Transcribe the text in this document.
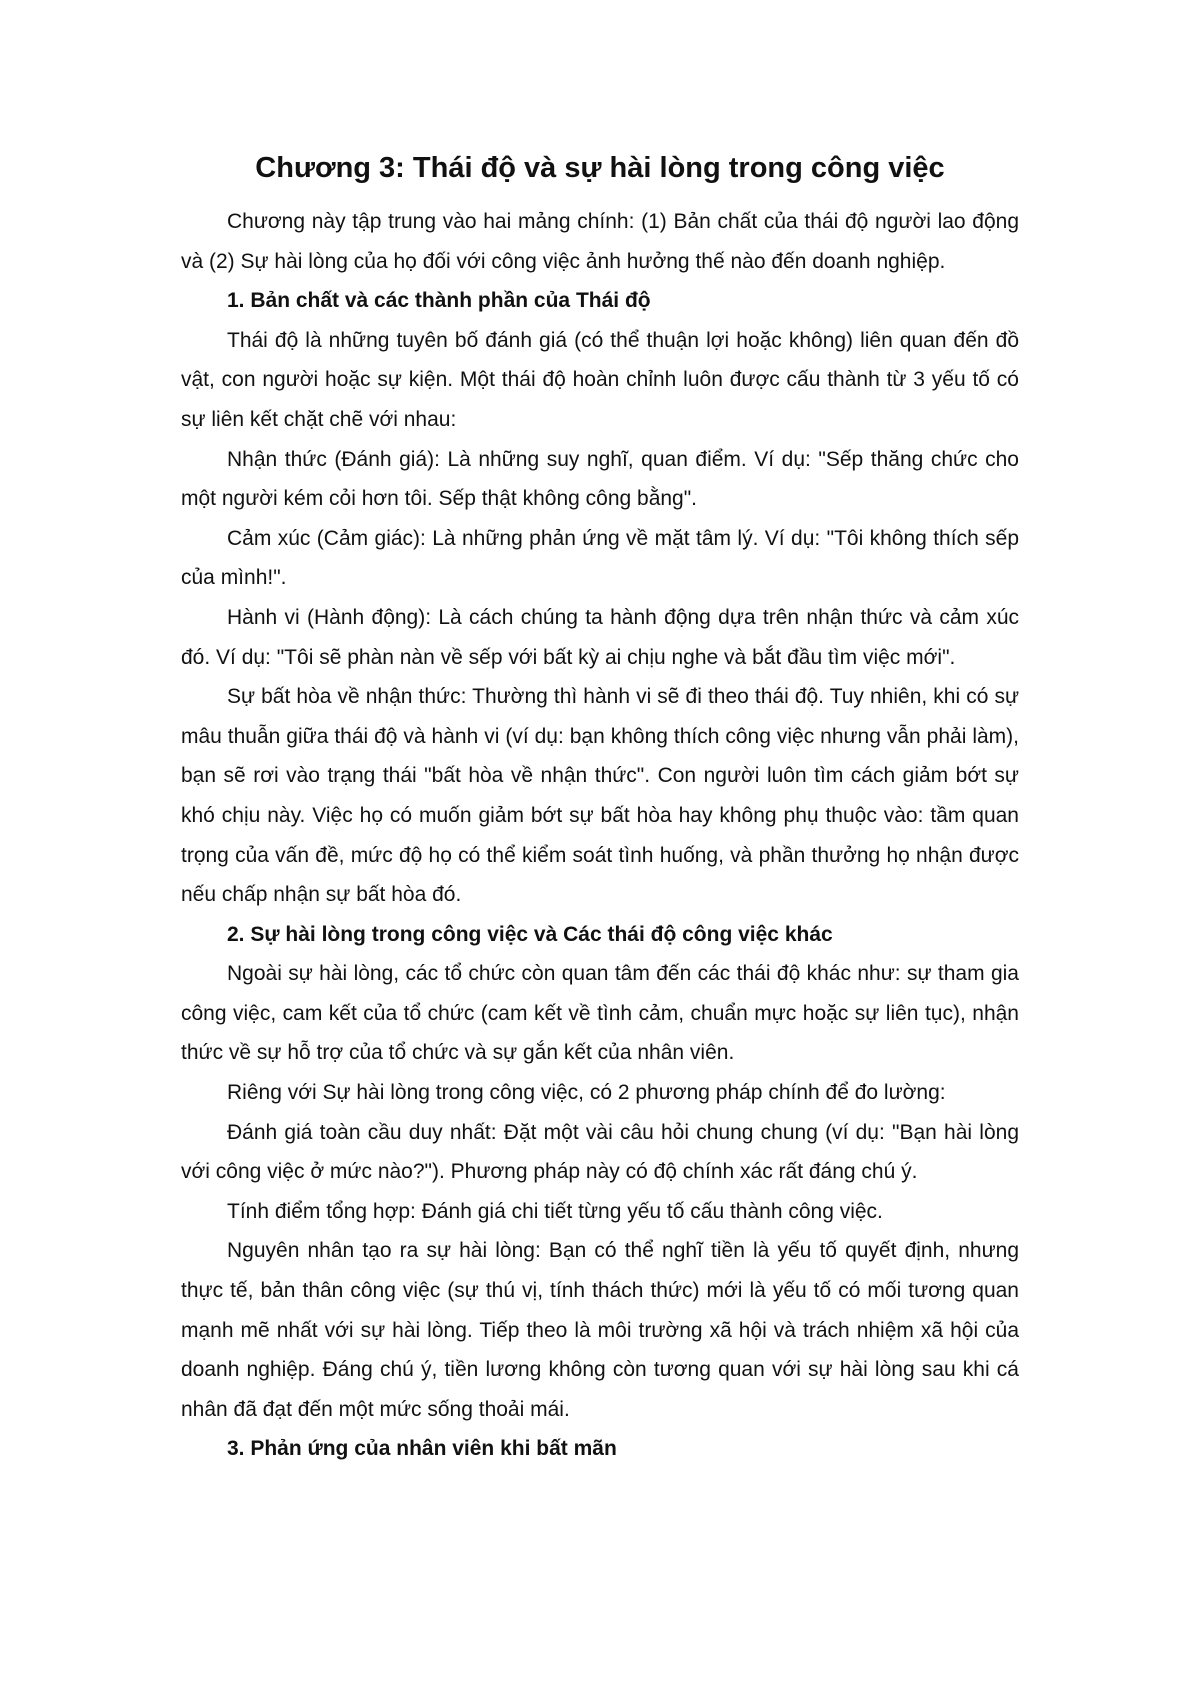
Chương 3: Thái độ và sự hài lòng trong công việc

Chương này tập trung vào hai mảng chính: (1) Bản chất của thái độ người lao động và (2) Sự hài lòng của họ đối với công việc ảnh hưởng thế nào đến doanh nghiệp.

1. Bản chất và các thành phần của Thái độ

Thái độ là những tuyên bố đánh giá (có thể thuận lợi hoặc không) liên quan đến đồ vật, con người hoặc sự kiện. Một thái độ hoàn chỉnh luôn được cấu thành từ 3 yếu tố có sự liên kết chặt chẽ với nhau:

Nhận thức (Đánh giá): Là những suy nghĩ, quan điểm. Ví dụ: "Sếp thăng chức cho một người kém cỏi hơn tôi. Sếp thật không công bằng".

Cảm xúc (Cảm giác): Là những phản ứng về mặt tâm lý. Ví dụ: "Tôi không thích sếp của mình!".

Hành vi (Hành động): Là cách chúng ta hành động dựa trên nhận thức và cảm xúc đó. Ví dụ: "Tôi sẽ phàn nàn về sếp với bất kỳ ai chịu nghe và bắt đầu tìm việc mới".

Sự bất hòa về nhận thức: Thường thì hành vi sẽ đi theo thái độ. Tuy nhiên, khi có sự mâu thuẫn giữa thái độ và hành vi (ví dụ: bạn không thích công việc nhưng vẫn phải làm), bạn sẽ rơi vào trạng thái "bất hòa về nhận thức". Con người luôn tìm cách giảm bớt sự khó chịu này. Việc họ có muốn giảm bớt sự bất hòa hay không phụ thuộc vào: tầm quan trọng của vấn đề, mức độ họ có thể kiểm soát tình huống, và phần thưởng họ nhận được nếu chấp nhận sự bất hòa đó.

2. Sự hài lòng trong công việc và Các thái độ công việc khác

Ngoài sự hài lòng, các tổ chức còn quan tâm đến các thái độ khác như: sự tham gia công việc, cam kết của tổ chức (cam kết về tình cảm, chuẩn mực hoặc sự liên tục), nhận thức về sự hỗ trợ của tổ chức và sự gắn kết của nhân viên.

Riêng với Sự hài lòng trong công việc, có 2 phương pháp chính để đo lường:

Đánh giá toàn cầu duy nhất: Đặt một vài câu hỏi chung chung (ví dụ: "Bạn hài lòng với công việc ở mức nào?"). Phương pháp này có độ chính xác rất đáng chú ý.

Tính điểm tổng hợp: Đánh giá chi tiết từng yếu tố cấu thành công việc.

Nguyên nhân tạo ra sự hài lòng: Bạn có thể nghĩ tiền là yếu tố quyết định, nhưng thực tế, bản thân công việc (sự thú vị, tính thách thức) mới là yếu tố có mối tương quan mạnh mẽ nhất với sự hài lòng. Tiếp theo là môi trường xã hội và trách nhiệm xã hội của doanh nghiệp. Đáng chú ý, tiền lương không còn tương quan với sự hài lòng sau khi cá nhân đã đạt đến một mức sống thoải mái.

3. Phản ứng của nhân viên khi bất mãn
